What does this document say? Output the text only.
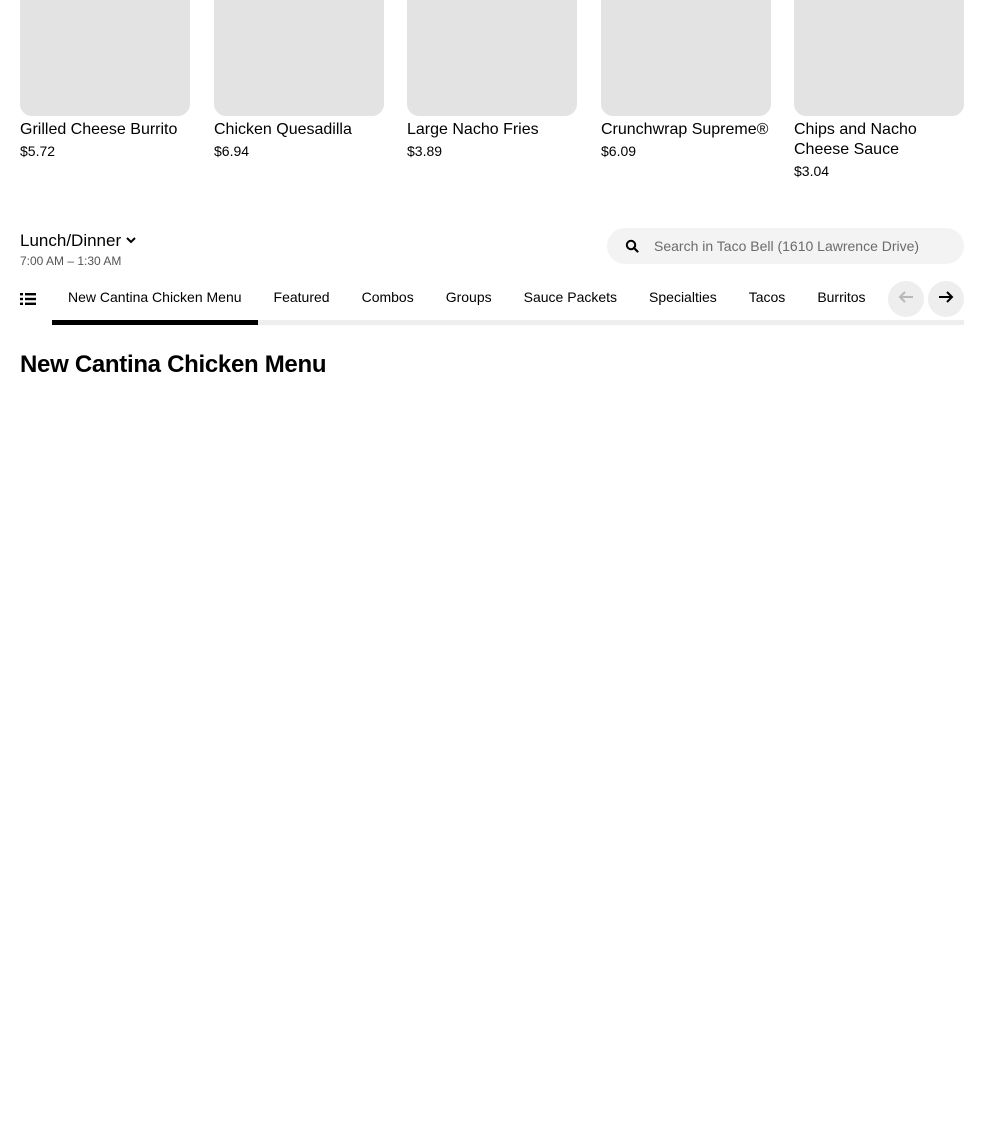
Grilled Cheese Burrito
$5.72
Chicken Quesadilla
$6.94
Large Nacho Fries
$3.89
Crunchwrap Supreme®
$6.09
Chips and Nacho Cheese Sauce
$3.04
Lunch/Dinner
7:00 AM – 1:30 AM
Search in Taco Bell (1610 Lawrence Drive)
New Cantina Chicken Menu	Featured	Combos	Groups	Sauce Packets	Specialties	Tacos	Burritos
New Cantina Chicken Menu
